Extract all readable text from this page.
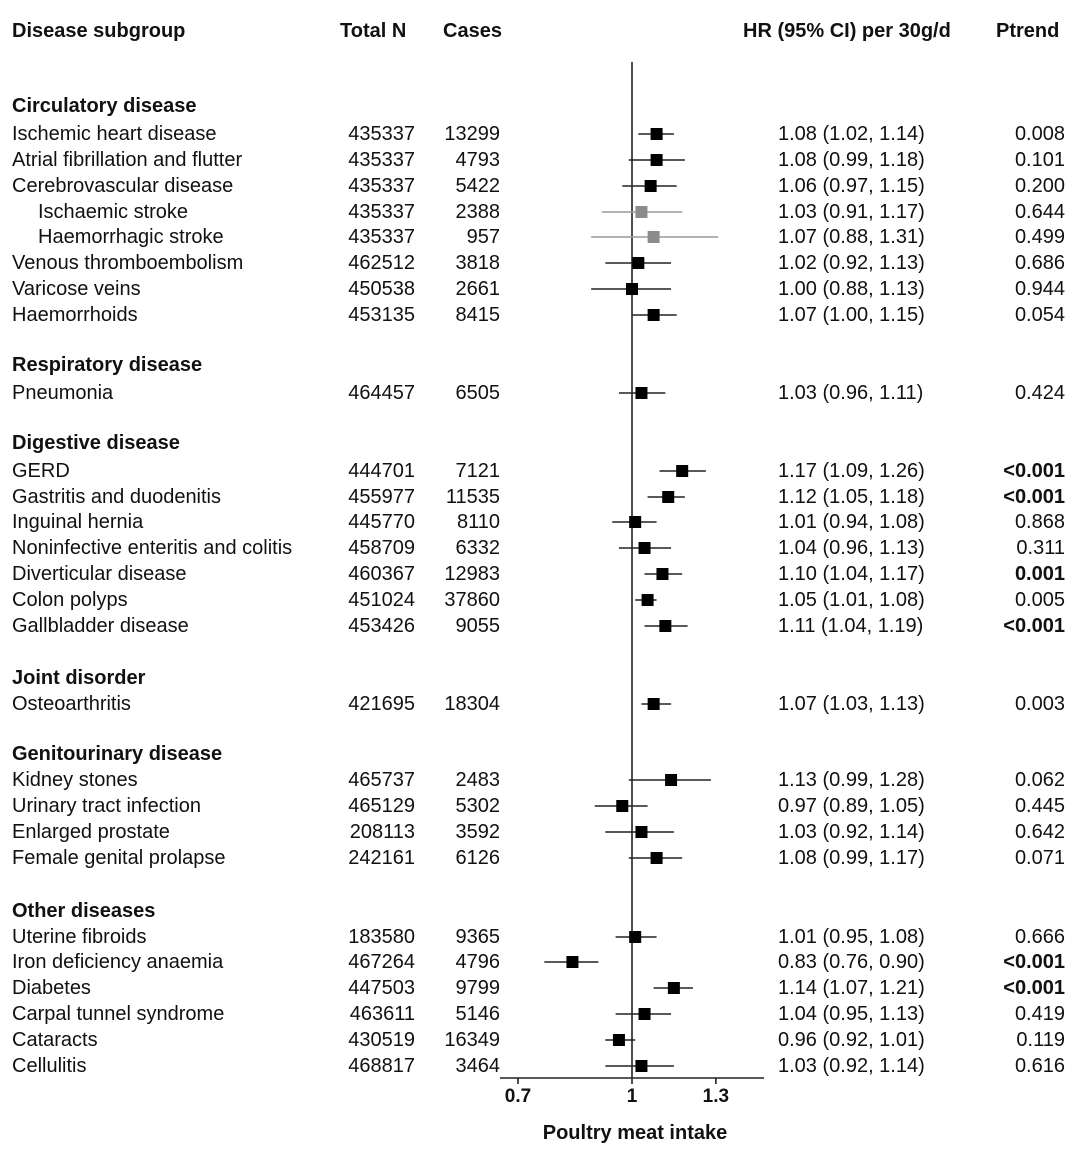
Disease subgroup	Total N Cases	HR (95% CI) per 30g/d Ptrend
Circulatory disease
Ischemic heart disease	435337	13299	1.08 (1.02, 1.14)	0.008
Atrial fibrillation and flutter	435337	4793	1.08 (0.99, 1.18)	0.101
Cerebrovascular disease	435337	5422	1.06 (0.97, 1.15)	0.200
Ischaemic stroke	435337	2388	1.03 (0.91, 1.17)	0.644
Haemorrhagic stroke	435337	957	1.07 (0.88, 1.31)	0.499
Venous thromboembolism	462512	3818	1.02 (0.92, 1.13)	0.686
Varicose veins	450538	2661	1.00 (0.88, 1.13)	0.944
Haemorrhoids	453135	8415	1.07 (1.00, 1.15)	0.054
Respiratory disease
Pneumonia	464457	6505	1.03 (0.96, 1.11)	0.424
Digestive disease
GERD	444701	7121	1.17 (1.09, 1.26)	<0.001
Gastritis and duodenitis	455977	11535	1.12 (1.05, 1.18)	<0.001
Inguinal hernia	445770	8110	1.01 (0.94, 1.08)	0.868
Noninfective enteritis and colitis	458709	6332	1.04 (0.96, 1.13)	0.311
Diverticular disease	460367	12983	1.10 (1.04, 1.17)	0.001
Colon polyps	451024	37860	1.05 (1.01, 1.08)	0.005
Gallbladder disease	453426	9055	1.11 (1.04, 1.19)	<0.001
Joint disorder
Osteoarthritis	421695	18304	1.07 (1.03, 1.13)	0.003
Genitourinary disease
Kidney stones	465737	2483	1.13 (0.99, 1.28)	0.062
Urinary tract infection	465129	5302	0.97 (0.89, 1.05)	0.445
Enlarged prostate	208113	3592	1.03 (0.92, 1.14)	0.642
Female genital prolapse	242161	6126	1.08 (0.99, 1.17)	0.071
Other diseases
Uterine fibroids	183580	9365	1.01 (0.95, 1.08)	0.666
Iron deficiency anaemia	467264	4796	0.83 (0.76, 0.90)	<0.001
Diabetes	447503	9799	1.14 (1.07, 1.21)	<0.001
Carpal tunnel syndrome	463611	5146	1.04 (0.95, 1.13)	0.419
Cataracts	430519	16349	0.96 (0.92, 1.01)	0.119
Cellulitis	468817	3464	1.03 (0.92, 1.14)	0.616
0.7	1	1.3
Poultry meat intake
